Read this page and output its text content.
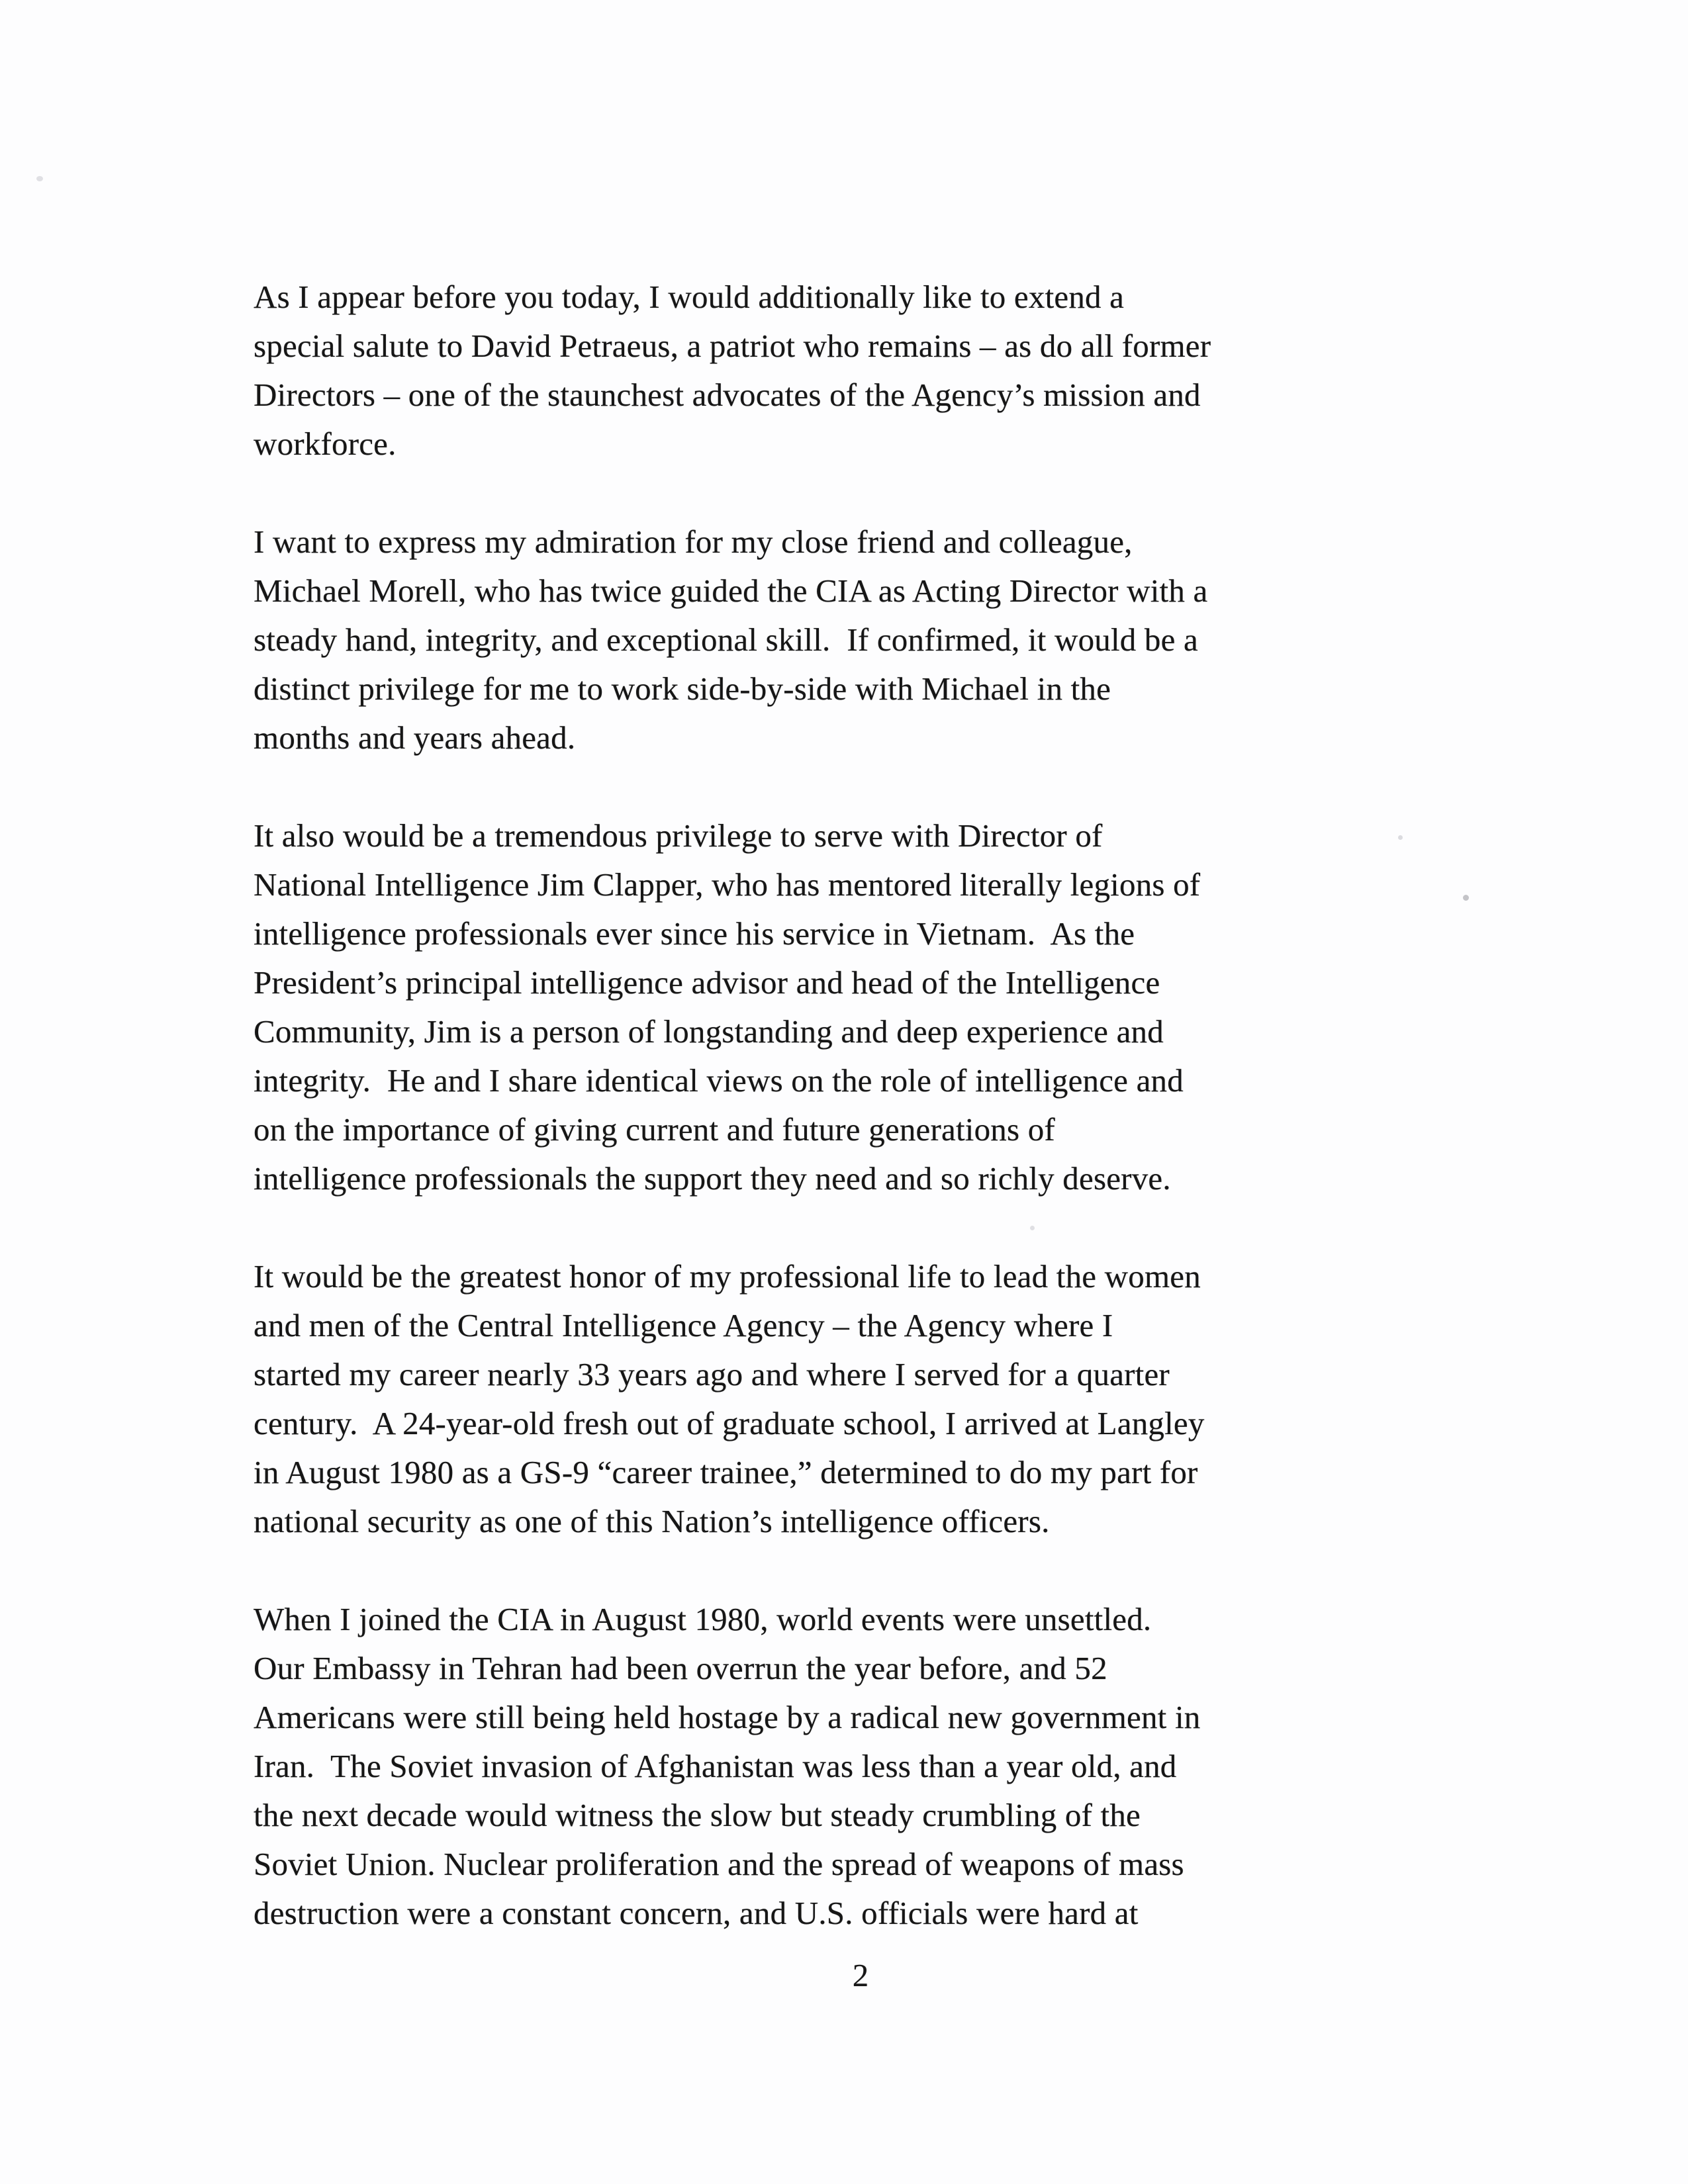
As I appear before you today, I would additionally like to extend a
special salute to David Petraeus, a patriot who remains – as do all former
Directors – one of the staunchest advocates of the Agency’s mission and
workforce.
I want to express my admiration for my close friend and colleague,
Michael Morell, who has twice guided the CIA as Acting Director with a
steady hand, integrity, and exceptional skill.  If confirmed, it would be a
distinct privilege for me to work side-by-side with Michael in the
months and years ahead.
It also would be a tremendous privilege to serve with Director of
National Intelligence Jim Clapper, who has mentored literally legions of
intelligence professionals ever since his service in Vietnam.  As the
President’s principal intelligence advisor and head of the Intelligence
Community, Jim is a person of longstanding and deep experience and
integrity.  He and I share identical views on the role of intelligence and
on the importance of giving current and future generations of
intelligence professionals the support they need and so richly deserve.
It would be the greatest honor of my professional life to lead the women
and men of the Central Intelligence Agency – the Agency where I
started my career nearly 33 years ago and where I served for a quarter
century.  A 24-year-old fresh out of graduate school, I arrived at Langley
in August 1980 as a GS-9 “career trainee,” determined to do my part for
national security as one of this Nation’s intelligence officers.
When I joined the CIA in August 1980, world events were unsettled.
Our Embassy in Tehran had been overrun the year before, and 52
Americans were still being held hostage by a radical new government in
Iran.  The Soviet invasion of Afghanistan was less than a year old, and
the next decade would witness the slow but steady crumbling of the
Soviet Union. Nuclear proliferation and the spread of weapons of mass
destruction were a constant concern, and U.S. officials were hard at
2
